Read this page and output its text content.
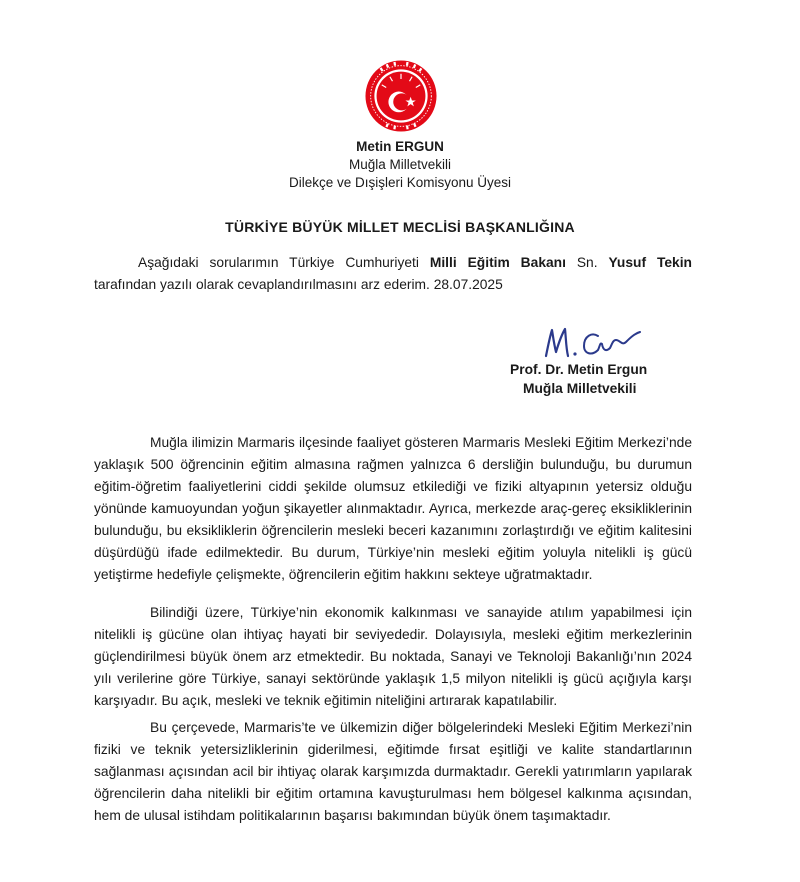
Metin ERGUN
Muğla Milletvekili
Dilekçe ve Dışişleri Komisyonu Üyesi
TÜRKİYE BÜYÜK MİLLET MECLİSİ BAŞKANLIĞINA
Aşağıdaki sorularımın Türkiye Cumhuriyeti Milli Eğitim Bakanı Sn. Yusuf Tekin
tarafından yazılı olarak cevaplandırılmasını arz ederim. 28.07.2025
Prof. Dr. Metin Ergun
Muğla Milletvekili

Muğla ilimizin Marmaris ilçesinde faaliyet gösteren Marmaris Mesleki Eğitim Merkezi’nde yaklaşık 500 öğrencinin eğitim almasına rağmen yalnızca 6 dersliğin bulunduğu, bu durumun eğitim-öğretim faaliyetlerini ciddi şekilde olumsuz etkilediği ve fiziki altyapının yetersiz olduğu yönünde kamuoyundan yoğun şikayetler alınmaktadır. Ayrıca, merkezde araç-gereç eksikliklerinin bulunduğu, bu eksikliklerin öğrencilerin mesleki beceri kazanımını zorlaştırdığı ve eğitim kalitesini düşürdüğü ifade edilmektedir. Bu durum, Türkiye’nin mesleki eğitim yoluyla nitelikli iş gücü yetiştirme hedefiyle çelişmekte, öğrencilerin eğitim hakkını sekteye uğratmaktadır.

Bilindiği üzere, Türkiye’nin ekonomik kalkınması ve sanayide atılım yapabilmesi için nitelikli iş gücüne olan ihtiyaç hayati bir seviyededir. Dolayısıyla, mesleki eğitim merkezlerinin güçlendirilmesi büyük önem arz etmektedir. Bu noktada, Sanayi ve Teknoloji Bakanlığı’nın 2024 yılı verilerine göre Türkiye, sanayi sektöründe yaklaşık 1,5 milyon nitelikli iş gücü açığıyla karşı karşıyadır. Bu açık, mesleki ve teknik eğitimin niteliğini artırarak kapatılabilir.

Bu çerçevede, Marmaris’te ve ülkemizin diğer bölgelerindeki Mesleki Eğitim Merkezi’nin fiziki ve teknik yetersizliklerinin giderilmesi, eğitimde fırsat eşitliği ve kalite standartlarının sağlanması açısından acil bir ihtiyaç olarak karşımızda durmaktadır. Gerekli yatırımların yapılarak öğrencilerin daha nitelikli bir eğitim ortamına kavuşturulması hem bölgesel kalkınma açısından, hem de ulusal istihdam politikalarının başarısı bakımından büyük önem taşımaktadır.
